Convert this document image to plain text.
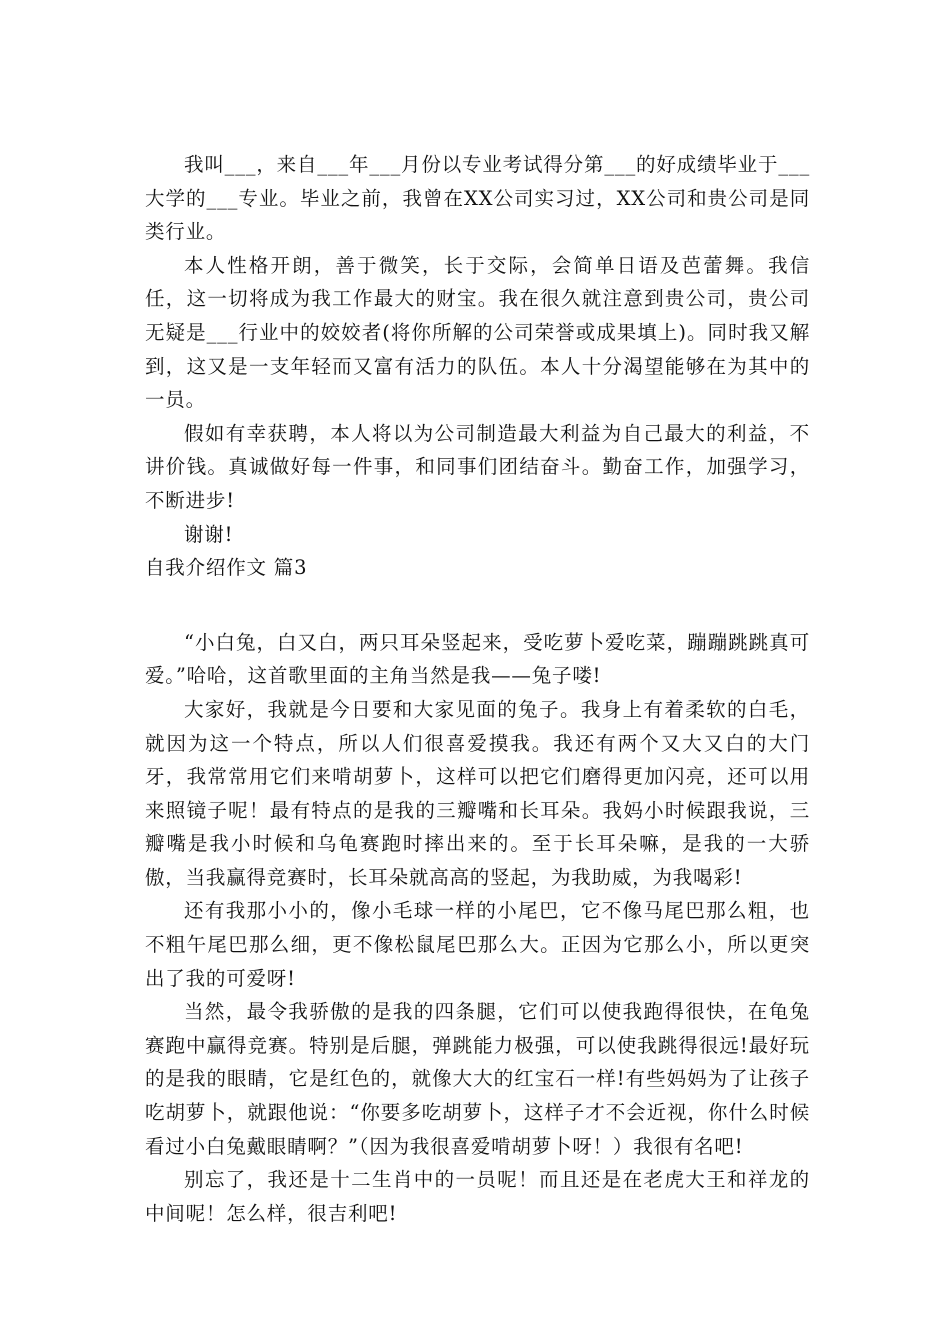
我叫___，来自___年___月份以专业考试得分第___的好成绩毕业于___大学的___专业。毕业之前，我曾在XX公司实习过，XX公司和贵公司是同类行业。

本人性格开朗，善于微笑，长于交际，会简单日语及芭蕾舞。我信任，这一切将成为我工作最大的财宝。我在很久就注意到贵公司，贵公司无疑是___行业中的姣姣者(将你所解的公司荣誉或成果填上)。同时我又解到，这又是一支年轻而又富有活力的队伍。本人十分渴望能够在为其中的一员。

假如有幸获聘，本人将以为公司制造最大利益为自己最大的利益，不讲价钱。真诚做好每一件事，和同事们团结奋斗。勤奋工作，加强学习，不断进步!

谢谢!

自我介绍作文 篇3

“小白兔，白又白，两只耳朵竖起来，受吃萝卜爱吃菜，蹦蹦跳跳真可爱。”哈哈，这首歌里面的主角当然是我——兔子喽!

大家好，我就是今日要和大家见面的兔子。我身上有着柔软的白毛，就因为这一个特点，所以人们很喜爱摸我。我还有两个又大又白的大门牙，我常常用它们来啃胡萝卜，这样可以把它们磨得更加闪亮，还可以用来照镜子呢！最有特点的是我的三瓣嘴和长耳朵。我妈小时候跟我说，三瓣嘴是我小时候和乌龟赛跑时摔出来的。至于长耳朵嘛，是我的一大骄傲，当我赢得竞赛时，长耳朵就高高的竖起，为我助威，为我喝彩!

还有我那小小的，像小毛球一样的小尾巴，它不像马尾巴那么粗，也不粗午尾巴那么细，更不像松鼠尾巴那么大。正因为它那么小，所以更突出了我的可爱呀!

当然，最令我骄傲的是我的四条腿，它们可以使我跑得很快，在龟兔赛跑中赢得竞赛。特别是后腿，弹跳能力极强，可以使我跳得很远!最好玩的是我的眼睛，它是红色的，就像大大的红宝石一样!有些妈妈为了让孩子吃胡萝卜，就跟他说：“你要多吃胡萝卜，这样子才不会近视，你什么时候看过小白兔戴眼睛啊？”（因为我很喜爱啃胡萝卜呀！）我很有名吧!

别忘了，我还是十二生肖中的一员呢！而且还是在老虎大王和祥龙的中间呢！怎么样，很吉利吧!
